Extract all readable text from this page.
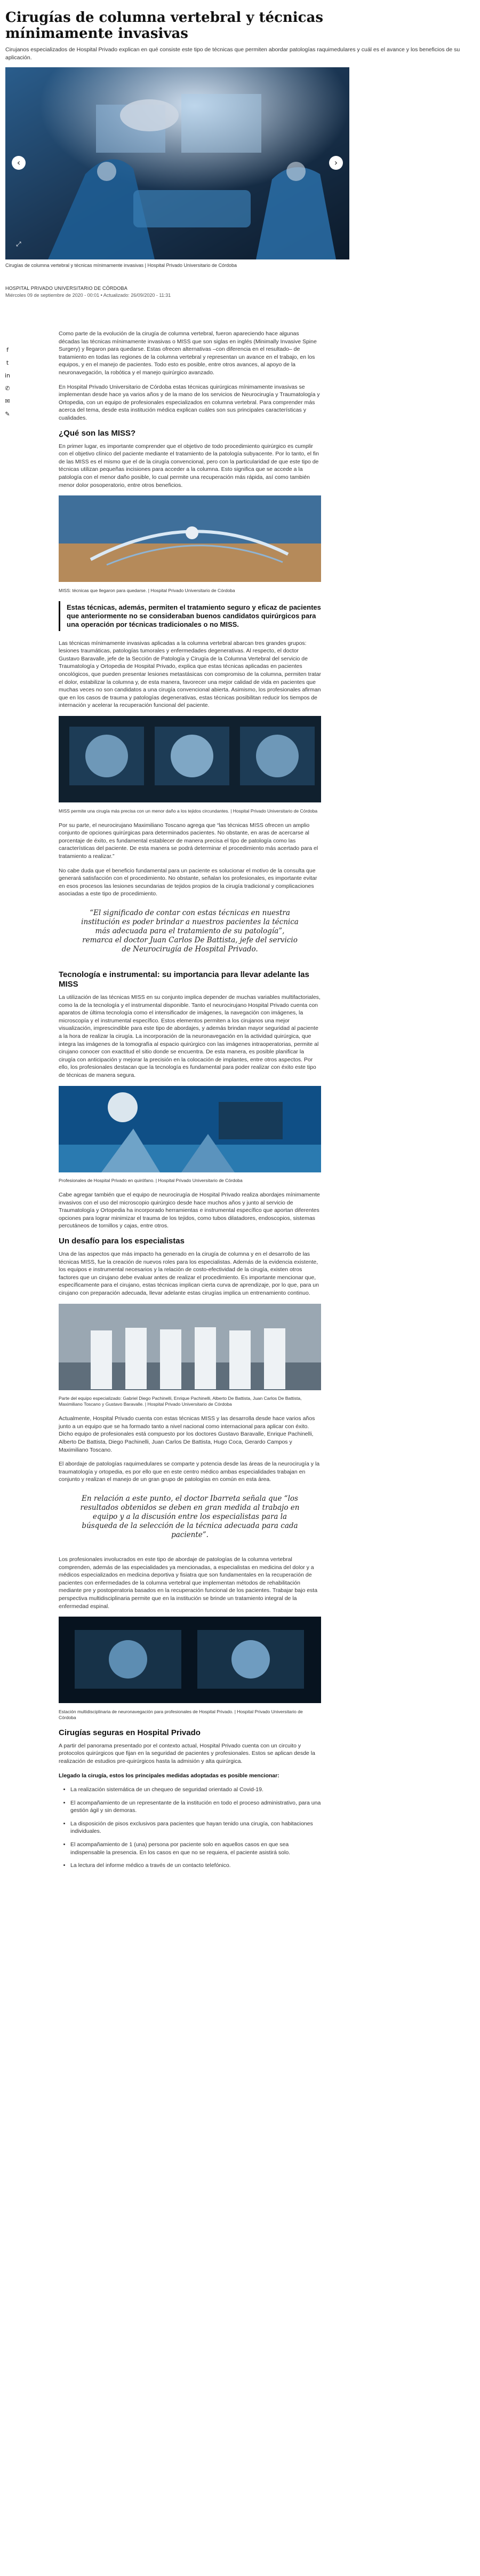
Cirugías de columna vertebral y técnicas mínimamente invasivas

Cirujanos especializados de Hospital Privado explican en qué consiste este tipo de técnicas que permiten abordar patologías raquimedulares y cuál es el avance y los beneficios de su aplicación.

‹	›
⤢

Cirugías de columna vertebral y técnicas mínimamente invasivas | Hospital Privado Universitario de Córdoba

HOSPITAL PRIVADO UNIVERSITARIO DE CÓRDOBA
Miércoles 09 de septiembre de 2020 - 00:01 • Actualizado: 26/09/2020 - 11:31
f
t
in
✆
✉
✎

Como parte de la evolución de la cirugía de columna vertebral, fueron apareciendo hace algunas décadas las técnicas mínimamente invasivas o MISS que son siglas en inglés (Minimally Invasive Spine Surgery) y llegaron para quedarse. Estas ofrecen alternativas –con diferencia en el resultado– de tratamiento en todas las regiones de la columna vertebral y representan un avance en el trabajo, en los equipos, y en el manejo de pacientes. Todo esto es posible, entre otros avances, al apoyo de la neuronavegación, la robótica y el manejo quirúrgico avanzado.

En Hospital Privado Universitario de Córdoba estas técnicas quirúrgicas mínimamente invasivas se implementan desde hace ya varios años y de la mano de los servicios de Neurocirugía y Traumatología y Ortopedia, con un equipo de profesionales especializados en columna vertebral. Para comprender más acerca del tema, desde esta institución médica explican cuáles son sus principales características y cualidades.

¿Qué son las MISS?

En primer lugar, es importante comprender que el objetivo de todo procedimiento quirúrgico es cumplir con el objetivo clínico del paciente mediante el tratamiento de la patología subyacente. Por lo tanto, el fin de las MISS es el mismo que el de la cirugía convencional, pero con la particularidad de que este tipo de técnicas utilizan pequeñas incisiones para acceder a la columna. Esto significa que se accede a la patología con el menor daño posible, lo cual permite una recuperación más rápida, así como también menor dolor posoperatorio, entre otros beneficios.

MISS: técnicas que llegaron para quedarse. | Hospital Privado Universitario de Córdoba

Estas técnicas, además, permiten el tratamiento seguro y eficaz de pacientes que anteriormente no se consideraban buenos candidatos quirúrgicos para una operación por técnicas tradicionales o no MISS.

Las técnicas mínimamente invasivas aplicadas a la columna vertebral abarcan tres grandes grupos: lesiones traumáticas, patologías tumorales y enfermedades degenerativas. Al respecto, el doctor Gustavo Baravalle, jefe de la Sección de Patología y Cirugía de la Columna Vertebral del servicio de Traumatología y Ortopedia de Hospital Privado, explica que estas técnicas aplicadas en pacientes oncológicos, que pueden presentar lesiones metastásicas con compromiso de la columna, permiten tratar el dolor, estabilizar la columna y, de esta manera, favorecer una mejor calidad de vida en pacientes que muchas veces no son candidatos a una cirugía convencional abierta. Asimismo, los profesionales afirman que en los casos de trauma y patologías degenerativas, estas técnicas posibilitan reducir los tiempos de internación y acelerar la recuperación funcional del paciente.

MISS permite una cirugía más precisa con un menor daño a los tejidos circundantes. | Hospital Privado Universitario de Córdoba

Por su parte, el neurocirujano Maximiliano Toscano agrega que “las técnicas MISS ofrecen un amplio conjunto de opciones quirúrgicas para determinados pacientes. No obstante, en aras de acercarse al porcentaje de éxito, es fundamental establecer de manera precisa el tipo de patología como las características del paciente. De esta manera se podrá determinar el procedimiento más acertado para el tratamiento a realizar.”

No cabe duda que el beneficio fundamental para un paciente es solucionar el motivo de la consulta que generará satisfacción con el procedimiento. No obstante, señalan los profesionales, es importante evitar en esos procesos las lesiones secundarias de tejidos propios de la cirugía tradicional y complicaciones asociadas a este tipo de procedimiento.

“El significado de contar con estas técnicas en nuestra institución es poder brindar a nuestros pacientes la técnica más adecuada para el tratamiento de su patología”, remarca el doctor Juan Carlos De Battista, jefe del servicio de Neurocirugía de Hospital Privado.

Tecnología e instrumental: su importancia para llevar adelante las MISS

La utilización de las técnicas MISS en su conjunto implica depender de muchas variables multifactoriales, como la de la tecnología y el instrumental disponible. Tanto el neurocirujano Hospital Privado cuenta con aparatos de última tecnología como el intensificador de imágenes, la navegación con imágenes, la microscopía y el instrumental específico. Estos elementos permiten a los cirujanos una mejor visualización, imprescindible para este tipo de abordajes, y además brindan mayor seguridad al paciente a la hora de realizar la cirugía. La incorporación de la neuronavegación en la actividad quirúrgica, que integra las imágenes de la tomografía al espacio quirúrgico con las imágenes intraoperatorias, permite al cirujano conocer con exactitud el sitio donde se encuentra. De esta manera, es posible planificar la cirugía con anticipación y mejorar la precisión en la colocación de implantes, entre otros aspectos. Por ello, los profesionales destacan que la tecnología es fundamental para poder realizar con éxito este tipo de técnicas de manera segura.

Profesionales de Hospital Privado en quirófano. | Hospital Privado Universitario de Córdoba

Cabe agregar también que el equipo de neurocirugía de Hospital Privado realiza abordajes mínimamente invasivos con el uso del microscopio quirúrgico desde hace muchos años y junto al servicio de Traumatología y Ortopedia ha incorporado herramientas e instrumental específico que aportan diferentes opciones para lograr minimizar el trauma de los tejidos, como tubos dilatadores, endoscopios, sistemas percutáneos de tornillos y cajas, entre otros.

Un desafío para los especialistas

Una de las aspectos que más impacto ha generado en la cirugía de columna y en el desarrollo de las técnicas MISS, fue la creación de nuevos roles para los especialistas. Además de la evidencia existente, los equipos e instrumental necesarios y la relación de costo-efectividad de la cirugía, existen otros factores que un cirujano debe evaluar antes de realizar el procedimiento. Es importante mencionar que, específicamente para el cirujano, estas técnicas implican cierta curva de aprendizaje, por lo que, para un cirujano con preparación adecuada, llevar adelante estas cirugías implica un entrenamiento continuo.

Parte del equipo especializado: Gabriel Diego Pachinelli, Enrique Pachinelli, Alberto De Battista, Juan Carlos De Battista, Maximiliano Toscano y Gustavo Baravalle. | Hospital Privado Universitario de Córdoba

Actualmente, Hospital Privado cuenta con estas técnicas MISS y las desarrolla desde hace varios años junto a un equipo que se ha formado tanto a nivel nacional como internacional para aplicar con éxito. Dicho equipo de profesionales está compuesto por los doctores Gustavo Baravalle, Enrique Pachinelli, Alberto De Battista, Diego Pachinelli, Juan Carlos De Battista, Hugo Coca, Gerardo Campos y Maximiliano Toscano.

El abordaje de patologías raquimedulares se comparte y potencia desde las áreas de la neurocirugía y la traumatología y ortopedia, es por ello que en este centro médico ambas especialidades trabajan en conjunto y realizan el manejo de un gran grupo de patologías en común en esta área.

En relación a este punto, el doctor Ibarreta señala que “los resultados obtenidos se deben en gran medida al trabajo en equipo y a la discusión entre los especialistas para la búsqueda de la selección de la técnica adecuada para cada paciente”.

Los profesionales involucrados en este tipo de abordaje de patologías de la columna vertebral comprenden, además de las especialidades ya mencionadas, a especialistas en medicina del dolor y a médicos especializados en medicina deportiva y fisiatra que son fundamentales en la recuperación de pacientes con enfermedades de la columna vertebral que implementan métodos de rehabilitación mediante pre y postoperatoria basados en la recuperación funcional de los pacientes. Trabajar bajo esta perspectiva multidisciplinaria permite que en la institución se brinde un tratamiento integral de la enfermedad espinal.

Estación multidisciplinaria de neuronavegación para profesionales de Hospital Privado. | Hospital Privado Universitario de Córdoba

Cirugías seguras en Hospital Privado

A partir del panorama presentado por el contexto actual, Hospital Privado cuenta con un circuito y protocolos quirúrgicos que fijan en la seguridad de pacientes y profesionales. Estos se aplican desde la realización de estudios pre-quirúrgicos hasta la admisión y alta quirúrgica.

Llegado la cirugía, estos los principales medidas adoptadas es posible mencionar:

• La realización sistemática de un chequeo de seguridad orientado al Covid-19.
• El acompañamiento de un representante de la institución en todo el proceso administrativo, para una gestión ágil y sin demoras.
• La disposición de pisos exclusivos para pacientes que hayan tenido una cirugía, con habitaciones individuales.
• El acompañamiento de 1 (una) persona por paciente solo en aquellos casos en que sea indispensable la presencia. En los casos en que no se requiera, el paciente asistirá solo.
• La lectura del informe médico a través de un contacto telefónico.
